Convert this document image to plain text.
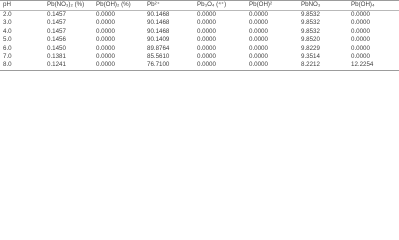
pH	Pb(NO₃)₂ (%)	Pb(OH)₂ (%)	Pb²⁺	Pb₃O₄ (⁴⁺)	Pb(OH)²	PbNO₃	Pb(OH)₄
2.0	0.1457	0.0000	90.1468	0.0000	0.0000	9.8532	0.0000
3.0	0.1457	0.0000	90.1468	0.0000	0.0000	9.8532	0.0000
4.0	0.1457	0.0000	90.1468	0.0000	0.0000	9.8532	0.0000
5.0	0.1456	0.0000	90.1409	0.0000	0.0000	9.8520	0.0000
6.0	0.1450	0.0000	89.8764	0.0000	0.0000	9.8229	0.0000
7.0	0.1381	0.0000	85.5610	0.0000	0.0000	9.3514	0.0000
8.0	0.1241	0.0000	76.7100	0.0000	0.0000	8.2212	12.2254
